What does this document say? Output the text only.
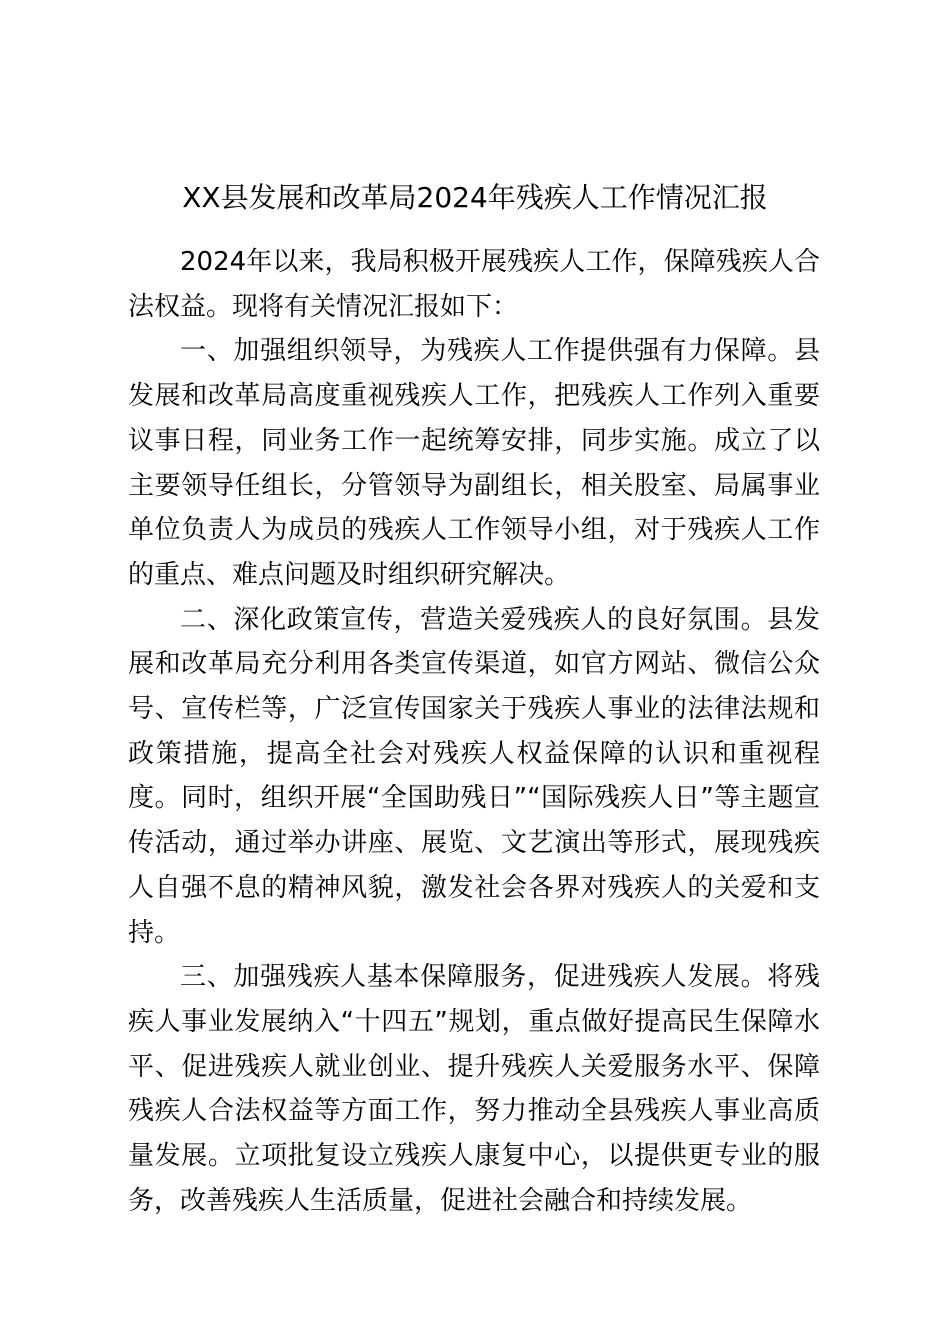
XX县发展和改革局2024年残疾人工作情况汇报

2024年以来，我局积极开展残疾人工作，保障残疾人合法权益。现将有关情况汇报如下：

一、加强组织领导，为残疾人工作提供强有力保障。县发展和改革局高度重视残疾人工作，把残疾人工作列入重要议事日程，同业务工作一起统筹安排，同步实施。成立了以主要领导任组长，分管领导为副组长，相关股室、局属事业单位负责人为成员的残疾人工作领导小组，对于残疾人工作的重点、难点问题及时组织研究解决。

二、深化政策宣传，营造关爱残疾人的良好氛围。县发展和改革局充分利用各类宣传渠道，如官方网站、微信公众号、宣传栏等，广泛宣传国家关于残疾人事业的法律法规和政策措施，提高全社会对残疾人权益保障的认识和重视程度。同时，组织开展“全国助残日”“国际残疾人日”等主题宣传活动，通过举办讲座、展览、文艺演出等形式，展现残疾人自强不息的精神风貌，激发社会各界对残疾人的关爱和支持。

三、加强残疾人基本保障服务，促进残疾人发展。将残疾人事业发展纳入“十四五”规划，重点做好提高民生保障水平、促进残疾人就业创业、提升残疾人关爱服务水平、保障残疾人合法权益等方面工作，努力推动全县残疾人事业高质量发展。立项批复设立残疾人康复中心，以提供更专业的服务，改善残疾人生活质量，促进社会融合和持续发展。
